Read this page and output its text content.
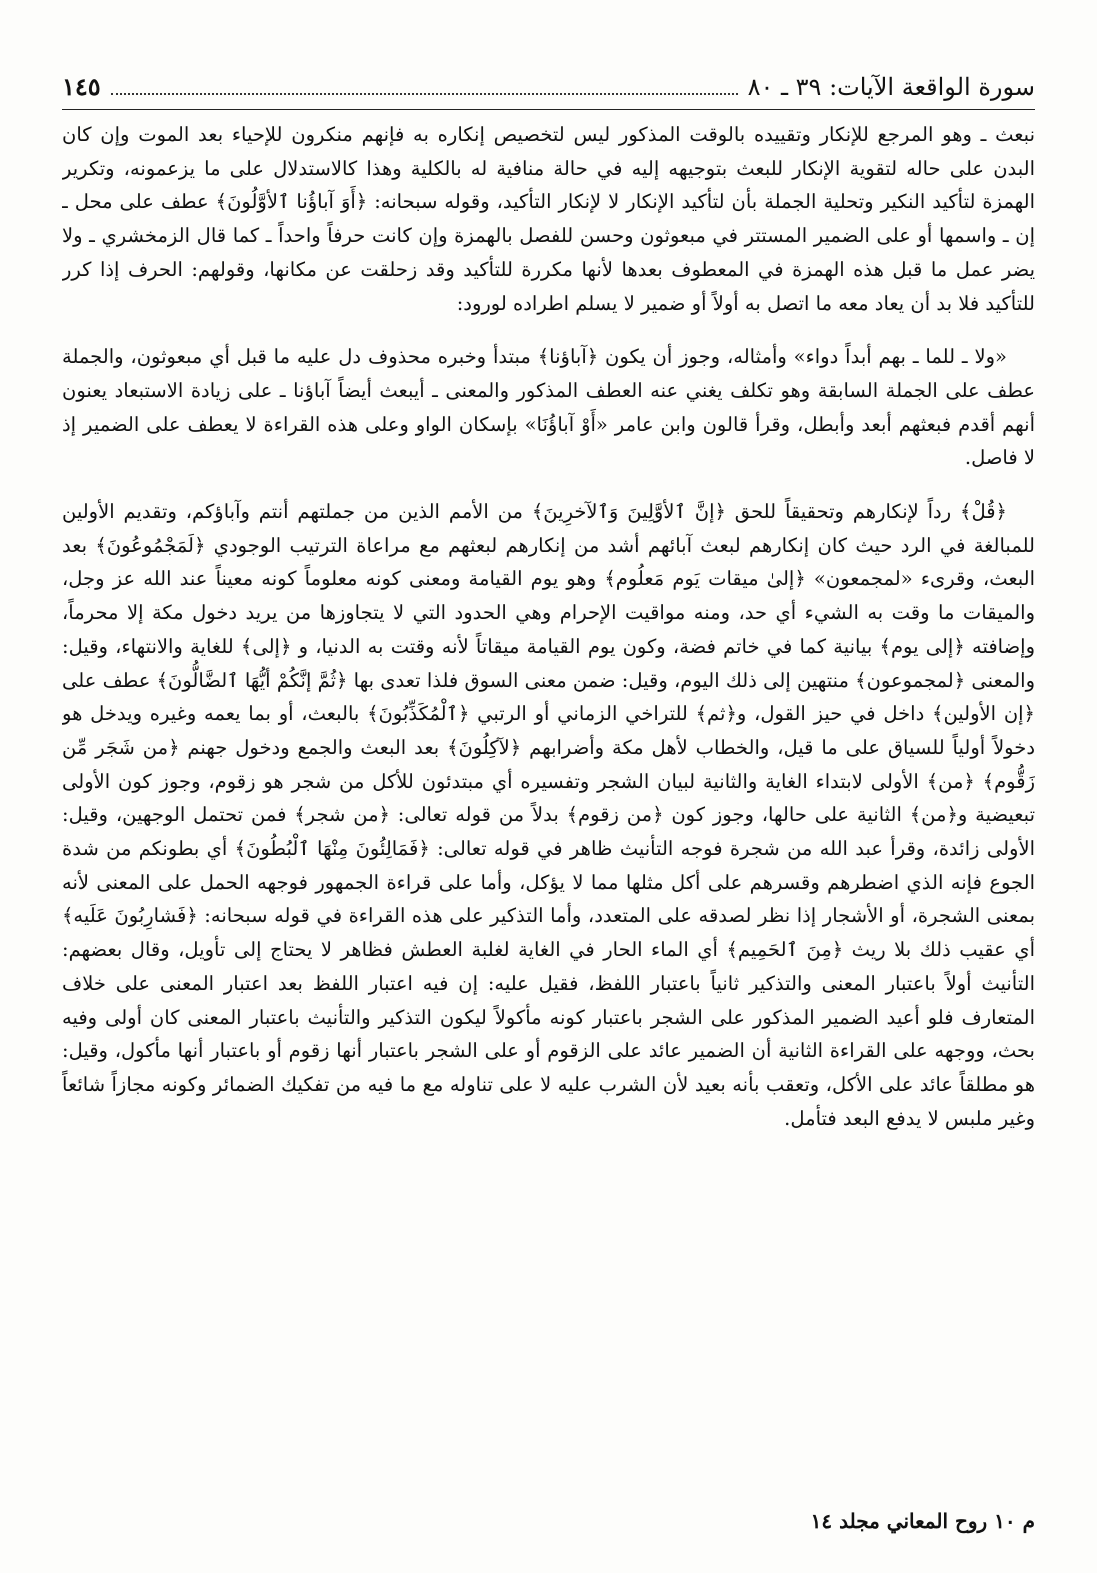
سورة الواقعة الآيات: ٣٩ ـ ٨٠
١٤٥

نبعث ـ وهو المرجع للإنكار وتقييده بالوقت المذكور ليس لتخصيص إنكاره به فإنهم منكرون للإحياء بعد الموت وإن كان البدن على حاله لتقوية الإنكار للبعث بتوجيهه إليه في حالة منافية له بالكلية وهذا كالاستدلال على ما يزعمونه، وتكرير الهمزة لتأكيد النكير وتحلية الجملة بأن لتأكيد الإنكار لا لإنكار التأكيد، وقوله سبحانه: ﴿أَوَ آباؤُنا ٱلأوَّلُونَ﴾ عطف على محل ـ إن ـ واسمها أو على الضمير المستتر في مبعوثون وحسن للفصل بالهمزة وإن كانت حرفاً واحداً ـ كما قال الزمخشري ـ ولا يضر عمل ما قبل هذه الهمزة في المعطوف بعدها لأنها مكررة للتأكيد وقد زحلقت عن مكانها، وقولهم: الحرف إذا كرر للتأكيد فلا بد أن يعاد معه ما اتصل به أولاً أو ضمير لا يسلم اطراده لورود:

«ولا ـ للما ـ بهم أبداً دواء» وأمثاله، وجوز أن يكون ﴿آباؤنا﴾ مبتدأ وخبره محذوف دل عليه ما قبل أي مبعوثون، والجملة عطف على الجملة السابقة وهو تكلف يغني عنه العطف المذكور والمعنى ـ أيبعث أيضاً آباؤنا ـ على زيادة الاستبعاد يعنون أنهم أقدم فبعثهم أبعد وأبطل، وقرأ قالون وابن عامر «أَوْ آباؤُنَا» بإسكان الواو وعلى هذه القراءة لا يعطف على الضمير إذ لا فاصل.

﴿قُلْ﴾ رداً لإنكارهم وتحقيقاً للحق ﴿إنَّ ٱلأوَّلِينَ وَٱلآخرِينَ﴾ من الأمم الذين من جملتهم أنتم وآباؤكم، وتقديم الأولين للمبالغة في الرد حيث كان إنكارهم لبعث آبائهم أشد من إنكارهم لبعثهم مع مراعاة الترتيب الوجودي ﴿لَمَجْمُوعُونَ﴾ بعد البعث، وقرىء «لمجمعون» ﴿إلىٰ ميقات يَوم مَعلُوم﴾ وهو يوم القيامة ومعنى كونه معلوماً كونه معيناً عند الله عز وجل، والميقات ما وقت به الشيء أي حد، ومنه مواقيت الإحرام وهي الحدود التي لا يتجاوزها من يريد دخول مكة إلا محرماً، وإضافته ﴿إلى يوم﴾ بيانية كما في خاتم فضة، وكون يوم القيامة ميقاتاً لأنه وقتت به الدنيا، و ﴿إلى﴾ للغاية والانتهاء، وقيل: والمعنى ﴿لمجموعون﴾ منتهين إلى ذلك اليوم، وقيل: ضمن معنى السوق فلذا تعدى بها ﴿ثُمَّ إنَّكُمْ أيُّهَا ٱلضَّالُّونَ﴾ عطف على ﴿إن الأولين﴾ داخل في حيز القول، و﴿ثم﴾ للتراخي الزماني أو الرتبي ﴿ٱلْمُكَذِّبُونَ﴾ بالبعث، أو بما يعمه وغيره ويدخل هو دخولاً أولياً للسياق على ما قيل، والخطاب لأهل مكة وأضرابهم ﴿لآكِلُونَ﴾ بعد البعث والجمع ودخول جهنم ﴿من شَجَر مِّن زَقُّوم﴾ ﴿من﴾ الأولى لابتداء الغاية والثانية لبيان الشجر وتفسيره أي مبتدئون للأكل من شجر هو زقوم، وجوز كون الأولى تبعيضية و﴿من﴾ الثانية على حالها، وجوز كون ﴿من زقوم﴾ بدلاً من قوله تعالى: ﴿من شجر﴾ فمن تحتمل الوجهين، وقيل: الأولى زائدة، وقرأ عبد الله من شجرة فوجه التأنيث ظاهر في قوله تعالى: ﴿فَمَالِئُونَ مِنْهَا ٱلْبُطُونَ﴾ أي بطونكم من شدة الجوع فإنه الذي اضطرهم وقسرهم على أكل مثلها مما لا يؤكل، وأما على قراءة الجمهور فوجهه الحمل على المعنى لأنه بمعنى الشجرة، أو الأشجار إذا نظر لصدقه على المتعدد، وأما التذكير على هذه القراءة في قوله سبحانه: ﴿فَشارِبُونَ عَلَيه﴾ أي عقيب ذلك بلا ريث ﴿مِنَ ٱلحَمِيم﴾ أي الماء الحار في الغاية لغلبة العطش فظاهر لا يحتاج إلى تأويل، وقال بعضهم: التأنيث أولاً باعتبار المعنى والتذكير ثانياً باعتبار اللفظ، فقيل عليه: إن فيه اعتبار اللفظ بعد اعتبار المعنى على خلاف المتعارف فلو أعيد الضمير المذكور على الشجر باعتبار كونه مأكولاً ليكون التذكير والتأنيث باعتبار المعنى كان أولى وفيه بحث، ووجهه على القراءة الثانية أن الضمير عائد على الزقوم أو على الشجر باعتبار أنها زقوم أو باعتبار أنها مأكول، وقيل: هو مطلقاً عائد على الأكل، وتعقب بأنه بعيد لأن الشرب عليه لا على تناوله مع ما فيه من تفكيك الضمائر وكونه مجازاً شائعاً وغير ملبس لا يدفع البعد فتأمل.

م ١٠ روح المعاني مجلد ١٤
